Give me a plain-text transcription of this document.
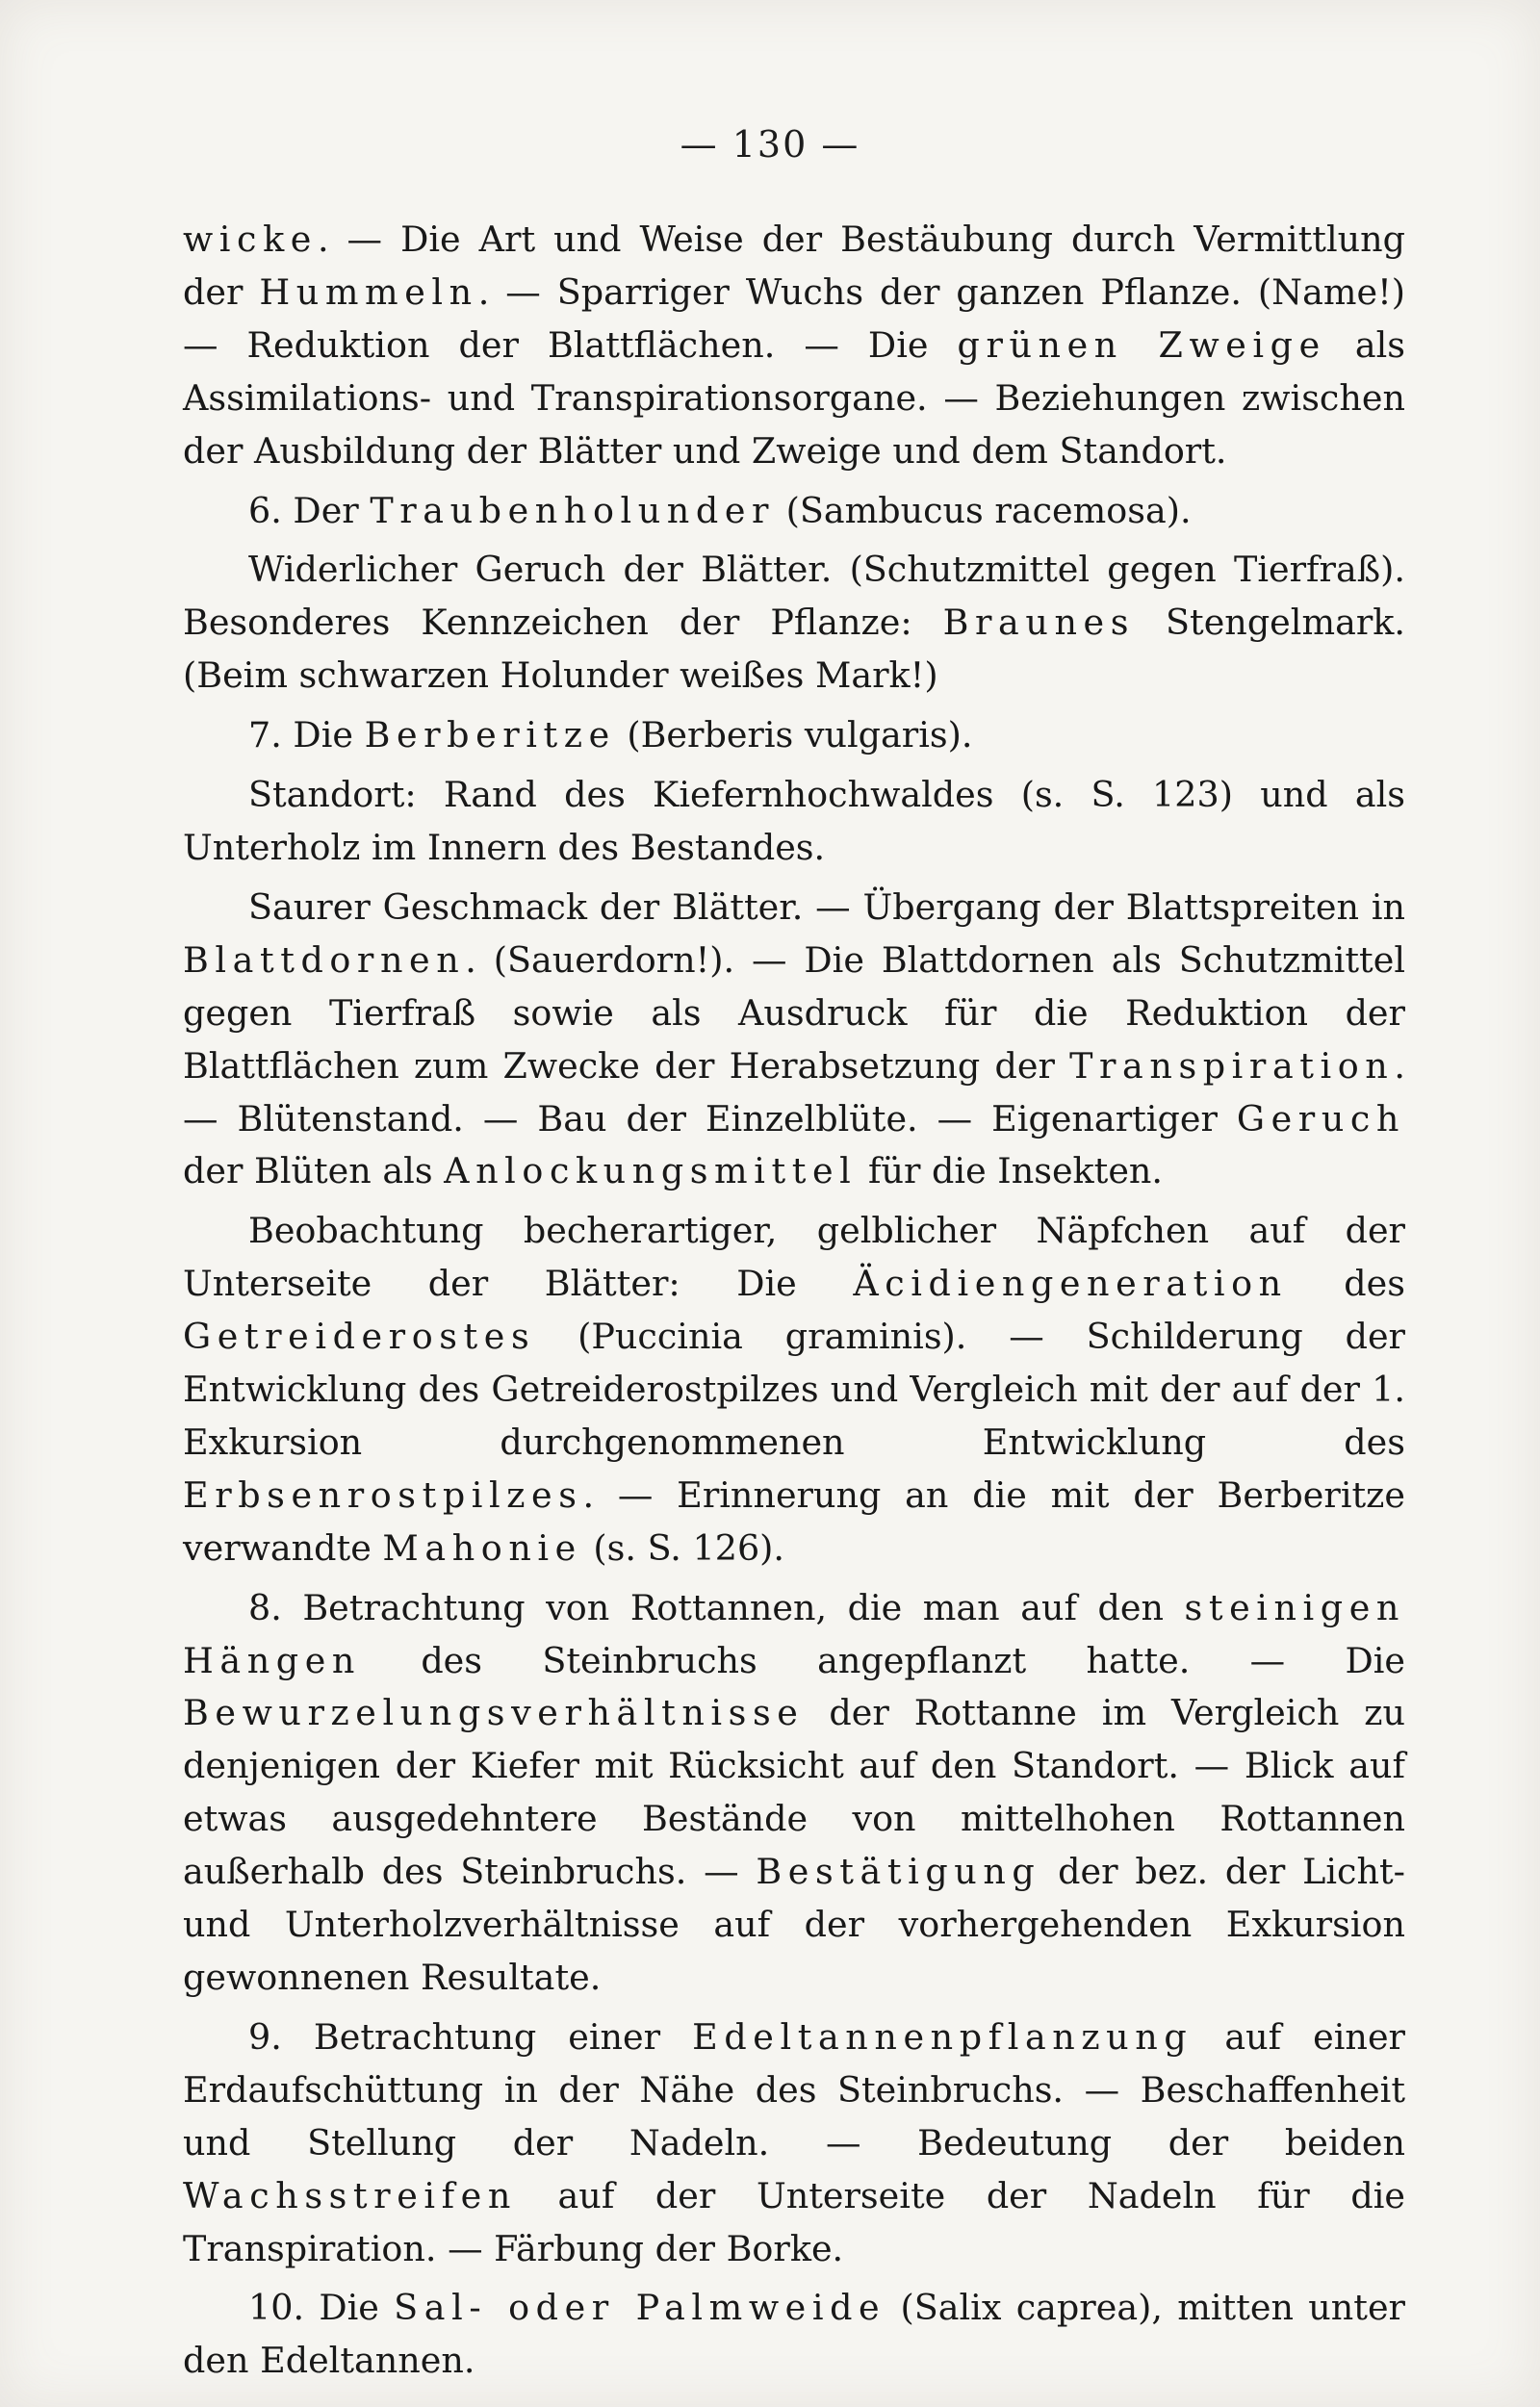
— 130 —

wicke. — Die Art und Weise der Bestäubung durch Vermittlung der Hummeln. — Sparriger Wuchs der ganzen Pflanze. (Name!) — Reduktion der Blattflächen. — Die grünen Zweige als Assimilations- und Transpirationsorgane. — Beziehungen zwischen der Ausbildung der Blätter und Zweige und dem Standort.

6. Der Traubenholunder (Sambucus racemosa).

Widerlicher Geruch der Blätter. (Schutzmittel gegen Tierfraß). Besonderes Kennzeichen der Pflanze: Braunes Stengelmark. (Beim schwarzen Holunder weißes Mark!)

7. Die Berberitze (Berberis vulgaris).

Standort: Rand des Kiefernhochwaldes (s. S. 123) und als Unterholz im Innern des Bestandes.

Saurer Geschmack der Blätter. — Übergang der Blattspreiten in Blattdornen. (Sauerdorn!). — Die Blattdornen als Schutzmittel gegen Tierfraß sowie als Ausdruck für die Reduktion der Blattflächen zum Zwecke der Herabsetzung der Transpiration. — Blütenstand. — Bau der Einzelblüte. — Eigenartiger Geruch der Blüten als Anlockungsmittel für die Insekten.

Beobachtung becherartiger, gelblicher Näpfchen auf der Unterseite der Blätter: Die Äcidiengeneration des Getreiderostes (Puccinia graminis). — Schilderung der Entwicklung des Getreiderostpilzes und Vergleich mit der auf der 1. Exkursion durchgenommenen Entwicklung des Erbsenrostpilzes. — Erinnerung an die mit der Berberitze verwandte Mahonie (s. S. 126).

8. Betrachtung von Rottannen, die man auf den steinigen Hängen des Steinbruchs angepflanzt hatte. — Die Bewurzelungsverhältnisse der Rottanne im Vergleich zu denjenigen der Kiefer mit Rücksicht auf den Standort. — Blick auf etwas ausgedehntere Bestände von mittelhohen Rottannen außerhalb des Steinbruchs. — Bestätigung der bez. der Licht- und Unterholzverhältnisse auf der vorhergehenden Exkursion gewonnenen Resultate.

9. Betrachtung einer Edeltannenpflanzung auf einer Erdaufschüttung in der Nähe des Steinbruchs. — Beschaffenheit und Stellung der Nadeln. — Bedeutung der beiden Wachsstreifen auf der Unterseite der Nadeln für die Transpiration. — Färbung der Borke.

10. Die Sal- oder Palmweide (Salix caprea), mitten unter den Edeltannen.
